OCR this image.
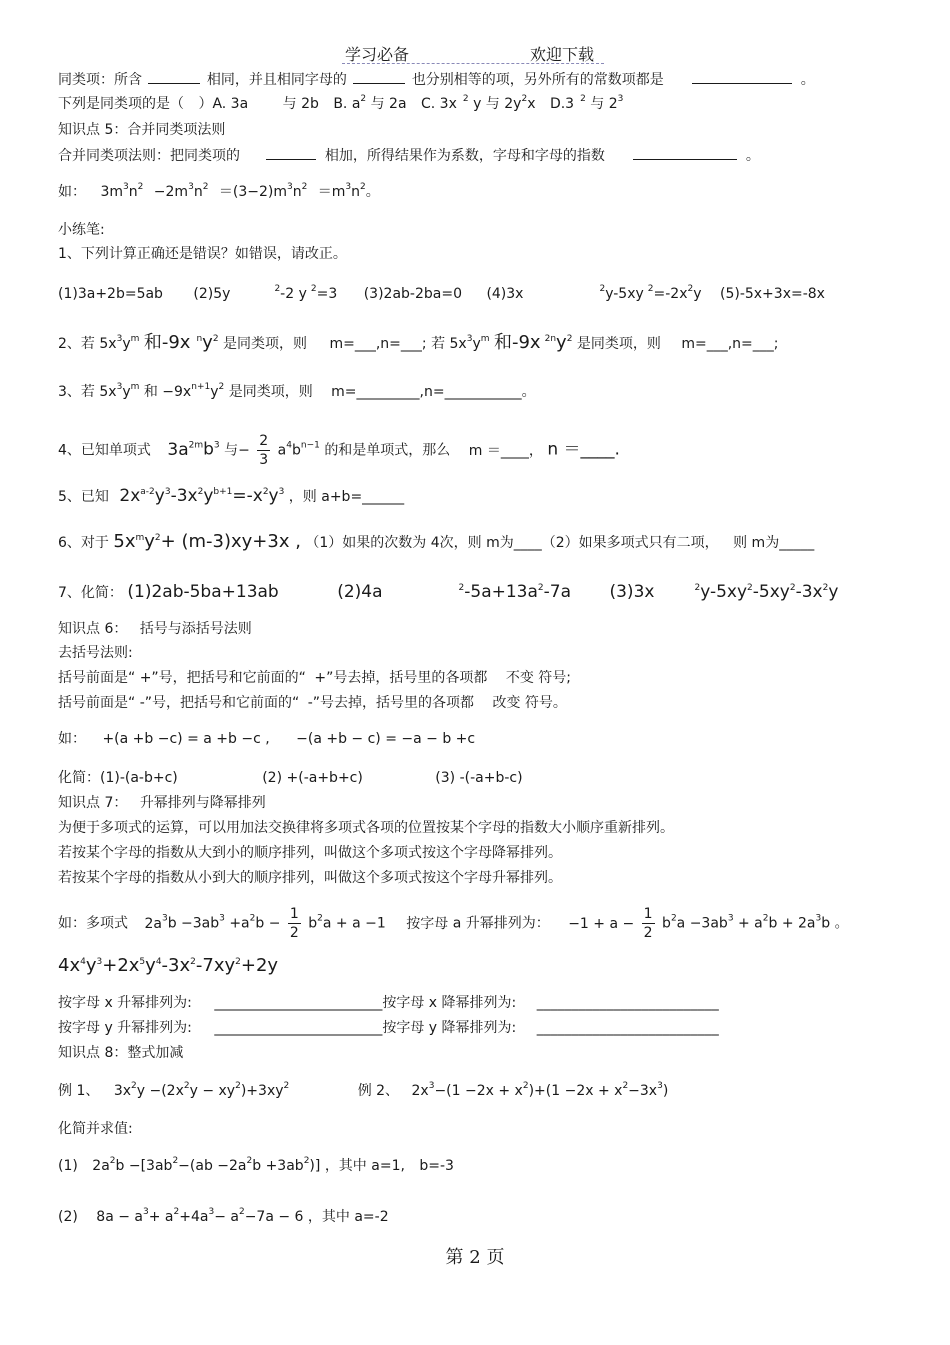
学习必备	欢迎下载
同类项：所含	相同，并且相同字母的	也分别相等的项，另外所有的常数项都是	。
下列是同类项的是（ ）A. 3a 与 2b B. $a^2$ 与 2a C. 3x $^2$ y 与 $2y^2x$ D.3 $^2$ 与 $2^3$
知识点 5：合并同类项法则
合并同类项法则：把同类项的	相加，所得结果作为系数，字母和字母的指数	。
如： $3m^3n^2 -2m^3n^2 =(3-2)m^3n^2 =m^3n^2$。
小练笔:
1、下列计算正确还是错误？如错误，请改正。
(1)3a+2b=5ab (2)5y	$^2$-2 y $^2$=3 (3)2ab-2ba=0 (4)3x	$^2$y-5xy $^2=-2x^2y$ (5)-5x+3x=-8x
2、若 $5x^3y^m$ 和-9x $^ny^2$ 是同类项，则 m=___,n=___; 若 $5x^3y^m$ 和-9x $^{2n}y^2$ 是同类项，则 m=___,n=___;
3、若 $5x^3y^m$ 和 $-9x^{n+1}y^2$ 是同类项，则 m=_________,n=___________。
4、已知单项式 $3a^{2m}b^3$ 与− $\frac{2}{3} a^4b^{n-1}$ 的和是单项式，那么 m ＝____， n ＝____.
5、已知 $2x^{a-2}y^3-3x^2y^{b+1}=-x^2y^3$ ，则 a+b=______
6、对于 $5x^my^2+ (m-3)xy+3x$ , （1）如果的次数为 4次，则 m为____（2）如果多项式只有二项， 则 m为_____
7、化简： (1)2ab-5ba+13ab	(2)4a	$^2-5a+13a^2-7a$ (3)3x	$^2y-5xy^2-5xy^2-3x^2y$
知识点 6： 括号与添括号法则
去括号法则:
括号前面是“ +”号，把括号和它前面的“ +”号去掉，括号里的各项都 不变 符号;
括号前面是“ -”号，把括号和它前面的“ -”号去掉，括号里的各项都 改变 符号。
如： +(a +b −c) = a +b −c , −(a +b − c) = −a − b +c
化简：(1)-(a-b+c)	(2) +(-a+b+c)	(3) -(-a+b-c)
知识点 7： 升幂排列与降幂排列
为便于多项式的运算，可以用加法交换律将多项式各项的位置按某个字母的指数大小顺序重新排列。
若按某个字母的指数从大到小的顺序排列，叫做这个多项式按这个字母降幂排列。
若按某个字母的指数从小到大的顺序排列，叫做这个多项式按这个字母升幂排列。
如：多项式 $2a^3b -3ab^3 +a^2b - \frac{1}{2} b^2a + a -1$ 按字母 a 升幂排列为： $-1 + a - \frac{1}{2} b^2a -3ab^3 + a^2b + 2a^3b$ 。
$4x^4y^3+2x^5y^4-3x^2-7xy^2+2y$
按字母 x 升幂排列为: ________________________按字母 x 降幂排列为: __________________________
按字母 y 升幂排列为: ________________________按字母 y 降幂排列为: __________________________
知识点 8：整式加减
例 1、 $3x^2y -(2x^2y - xy^2)+3xy^2$	例 2、 $2x^3-(1 -2x + x^2)+(1 -2x + x^2-3x^3)$
化简并求值:
(1) $2a^2b -[3ab^2-(ab -2a^2b +3ab^2)]$ ，其中 a=1, b=-3
(2) $8a - a^3+ a^2+4a^3- a^2-7a - 6$ ，其中 a=-2
第 2 页
